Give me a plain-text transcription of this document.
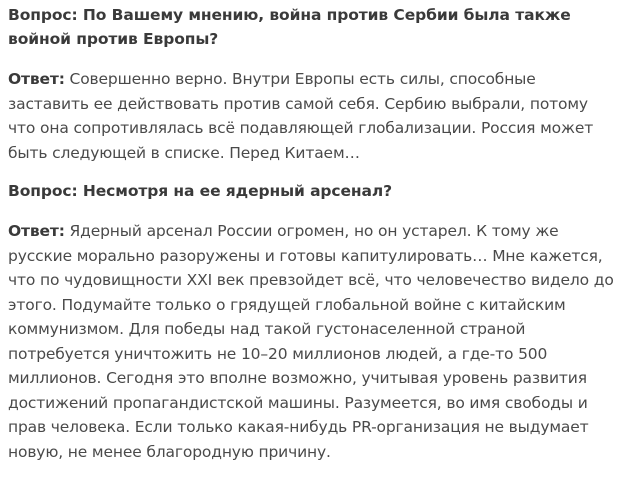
Вопрос: По Вашему мнению, война против Сербии была также
войной против Европы?
Ответ: Совершенно верно. Внутри Европы есть силы, способные
заставить ее действовать против самой себя. Сербию выбрали, потому
что она сопротивлялась всё подавляющей глобализации. Россия может
быть следующей в списке. Перед Китаем…
Вопрос: Несмотря на ее ядерный арсенал?
Ответ: Ядерный арсенал России огромен, но он устарел. К тому же
русские морально разоружены и готовы капитулировать… Мне кажется,
что по чудовищности XXI век превзойдет всё, что человечество видело до
этого. Подумайте только о грядущей глобальной войне с китайским
коммунизмом. Для победы над такой густонаселенной страной
потребуется уничтожить не 10–20 миллионов людей, а где-то 500
миллионов. Сегодня это вполне возможно, учитывая уровень развития
достижений пропагандистской машины. Разумеется, во имя свободы и
прав человека. Если только какая-нибудь PR-организация не выдумает
новую, не менее благородную причину.
